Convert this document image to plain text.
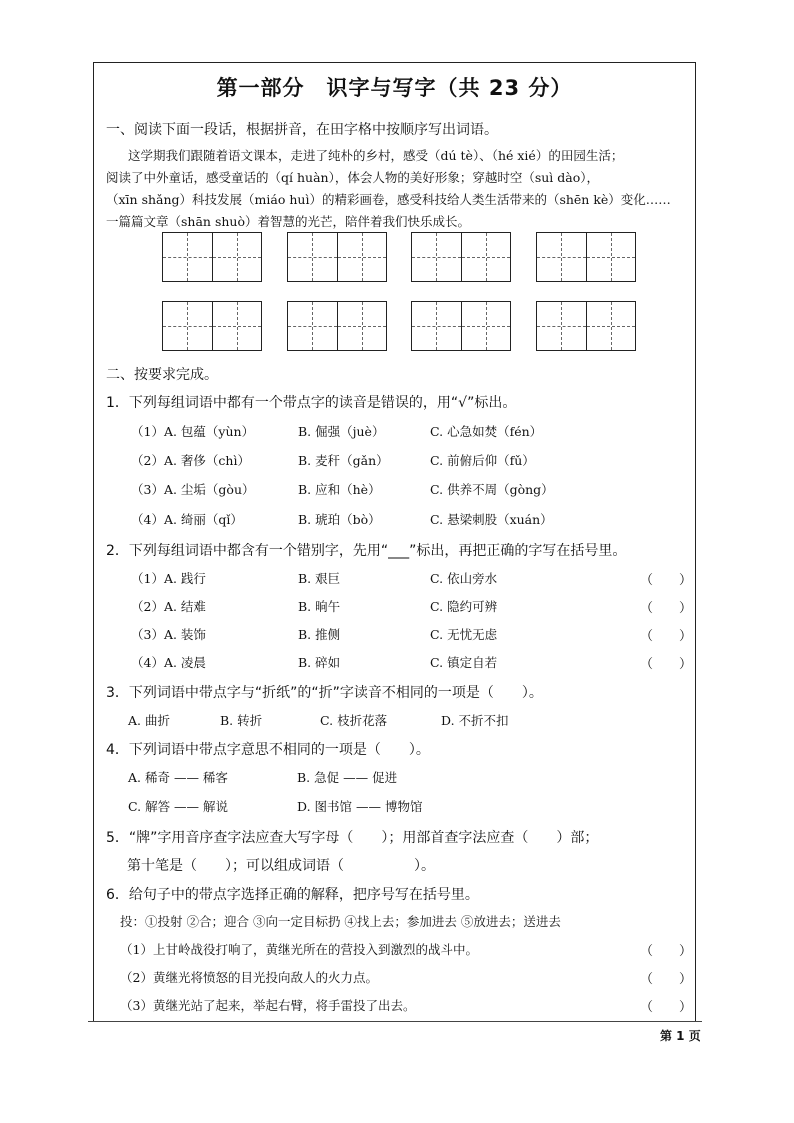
第一部分　识字与写字（共 23 分）
一、阅读下面一段话，根据拼音，在田字格中按顺序写出词语。
这学期我们跟随着语文课本，走进了纯朴的乡村，感受（dú tè）、（hé xié）的田园生活；
阅读了中外童话，感受童话的（qí huàn），体会人物的美好形象；穿越时空（suì dào），
（xīn shǎng）科技发展（miáo huì）的精彩画卷，感受科技给人类生活带来的（shēn kè）变化……
一篇篇文章（shān shuò）着智慧的光芒，陪伴着我们快乐成长。
二、按要求完成。
1．下列每组词语中都有一个带点字的读音是错误的，用“√”标出。
（1）A. 包蕴（yùn）	B. 倔强（juè）	C. 心急如焚（fén）
（2）A. 奢侈（chì）	B. 麦秆（gǎn）	C. 前俯后仰（fǔ）
（3）A. 尘垢（gòu）	B. 应和（hè）	C. 供养不周（gòng）
（4）A. 绮丽（qǐ）	B. 琥珀（bò）	C. 悬梁刺股（xuán）
2．下列每组词语中都含有一个错别字，先用“___”标出，再把正确的字写在括号里。
（1）A. 践行	B. 艰巨	C. 依山旁水	（　　）
（2）A. 结难	B. 晌午	C. 隐约可辨	（　　）
（3）A. 装饰	B. 推侧	C. 无忧无虑	（　　）
（4）A. 凌晨	B. 碎如	C. 镇定自若	（　　）
3．下列词语中带点字与“折纸”的“折”字读音不相同的一项是（　　）。
A. 曲折	B. 转折	C. 枝折花落	D. 不折不扣
4．下列词语中带点字意思不相同的一项是（　　）。
A. 稀奇 —— 稀客	B. 急促 —— 促进
C. 解答 —— 解说	D. 图书馆 —— 博物馆
5．“牌”字用音序查字法应查大写字母（　　）；用部首查字法应查（　　）部；
第十笔是（　　）；可以组成词语（　　　　　）。
6．给句子中的带点字选择正确的解释，把序号写在括号里。
投：①投射 ②合；迎合 ③向一定目标扔 ④找上去；参加进去 ⑤放进去；送进去
（1）上甘岭战役打响了，黄继光所在的营投入到激烈的战斗中。	（　　）
（2）黄继光将愤怒的目光投向敌人的火力点。	（　　）
（3）黄继光站了起来，举起右臂，将手雷投了出去。	（　　）
第 1 页
